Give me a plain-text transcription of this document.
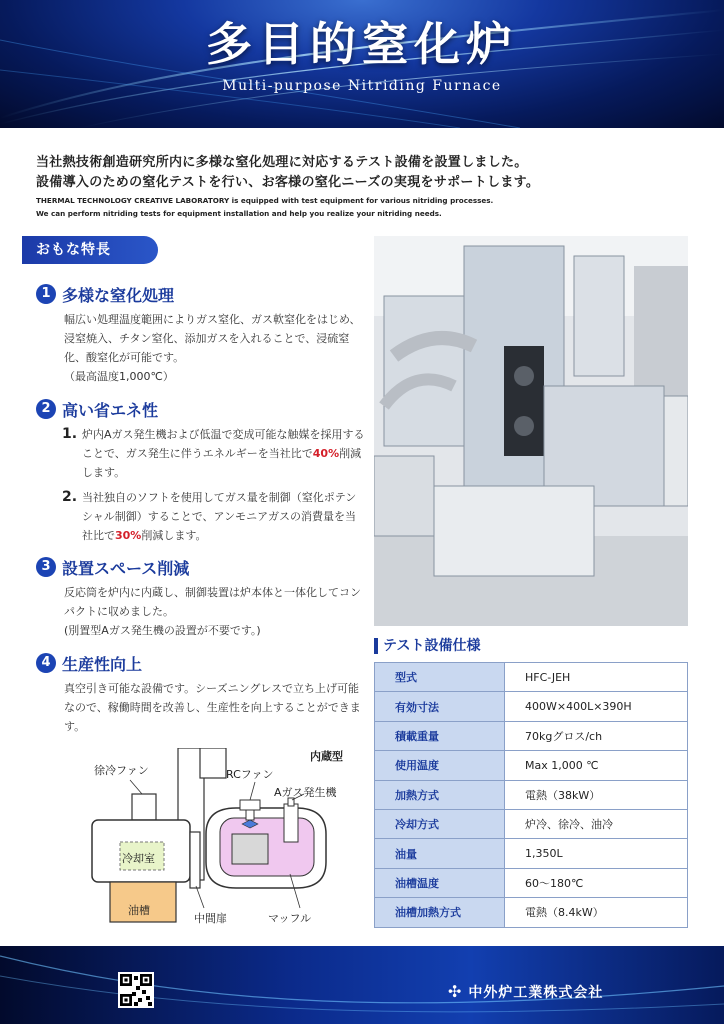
多目的窒化炉
Multi-purpose Nitriding Furnace
当社熱技術創造研究所内に多様な窒化処理に対応するテスト設備を設置しました。
設備導入のための窒化テストを行い、お客様の窒化ニーズの実現をサポートします。
THERMAL TECHNOLOGY CREATIVE LABORATORY is equipped with test equipment for various nitriding processes.
We can perform nitriding tests for equipment installation and help you realize your nitriding needs.
おもな特長
1 多様な窒化処理
幅広い処理温度範囲によりガス窒化、ガス軟窒化をはじめ、浸窒焼入、チタン窒化、添加ガスを入れることで、浸硫窒化、酸窒化が可能です。
（最高温度1,000℃）
2 高い省エネ性
1. 炉内Aガス発生機および低温で変成可能な触媒を採用することで、ガス発生に伴うエネルギーを当社比で40%削減します。
2. 当社独自のソフトを使用してガス量を制御（窒化ポテンシャル制御）することで、アンモニアガスの消費量を当社比で30%削減します。
3 設置スペース削減
反応筒を炉内に内蔵し、制御装置は炉本体と一体化してコンパクトに収めました。
(別置型Aガス発生機の設置が不要です。)
4 生産性向上
真空引き可能な設備です。シーズニングレスで立ち上げ可能なので、稼働時間を改善し、生産性を向上することができます。
内蔵型
徐冷ファン	RCファン
Aガス発生機
冷却室
油槽
中間扉	マッフル
テスト設備仕様
型式	HFC-JEH
有効寸法	400W×400L×390H
積載重量	70kgグロス/ch
使用温度	Max 1,000 ℃
加熱方式	電熱（38kW）
冷却方式	炉冷、徐冷、油冷
油量	1,350L
油槽温度	60～180℃
油槽加熱方式	電熱（8.4kW）
✣ 中外炉工業株式会社
